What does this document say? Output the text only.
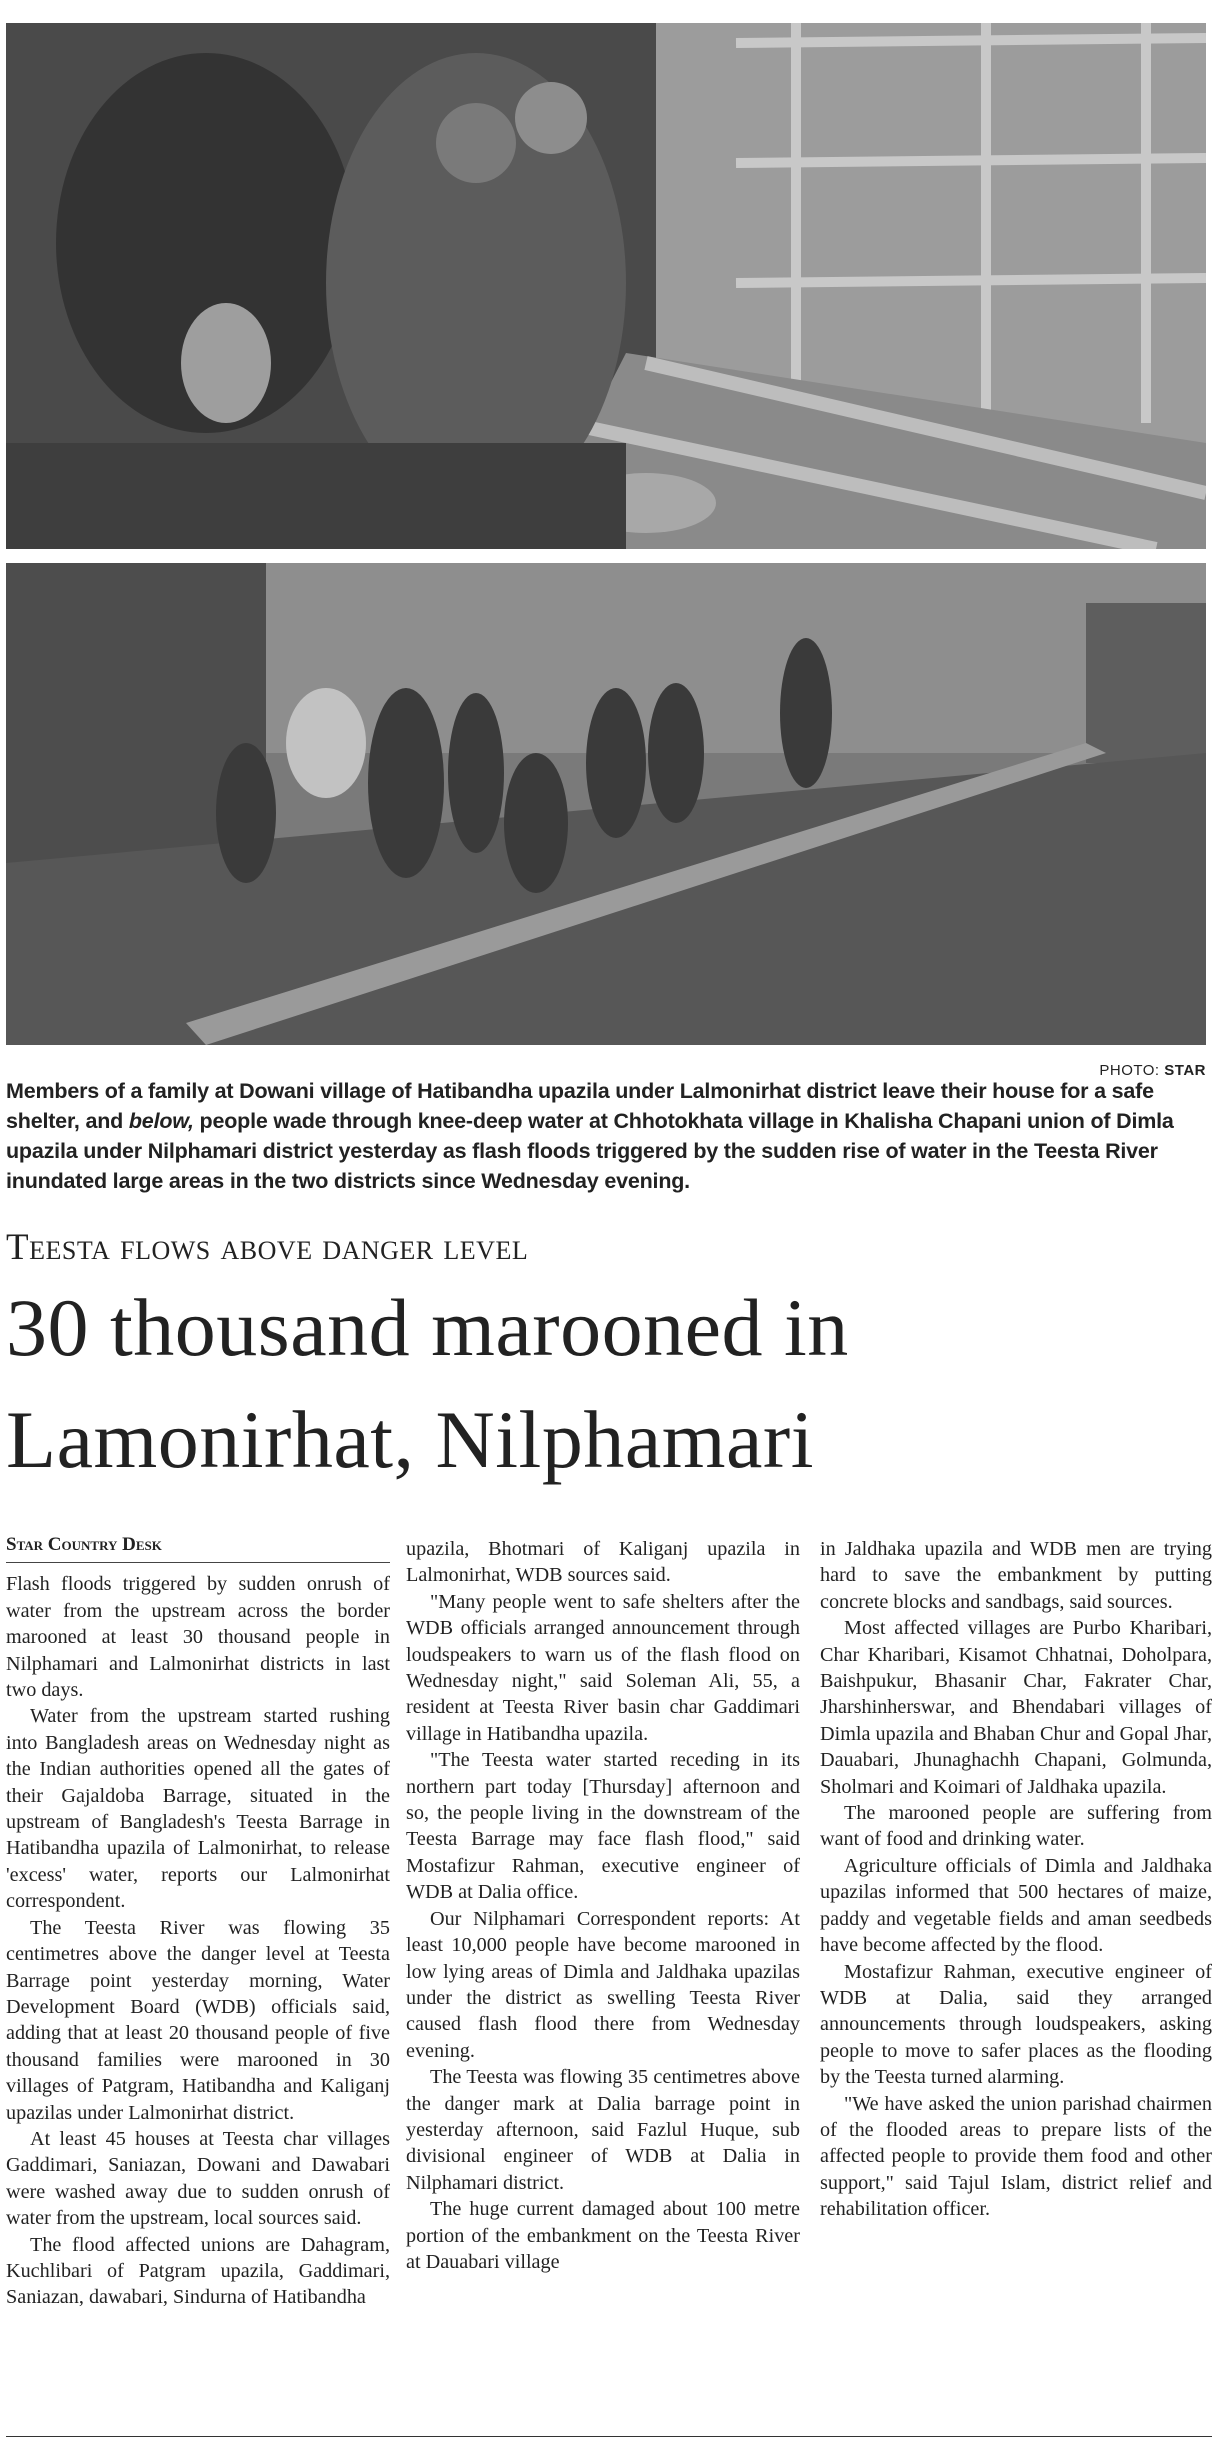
PHOTO: STAR
Members of a family at Dowani village of Hatibandha upazila under Lalmonirhat district leave their house for a safe shelter, and below, people wade through knee-deep water at Chhotokhata village in Khalisha Chapani union of Dimla upazila under Nilphamari district yesterday as flash floods triggered by the sudden rise of water in the Teesta River inundated large areas in the two districts since Wednesday evening.
Teesta flows above danger level
30 thousand marooned in Lamonirhat, Nilphamari
Star Country Desk

Flash floods triggered by sudden onrush of water from the upstream across the border marooned at least 30 thousand people in Nilphamari and Lalmonirhat districts in last two days.

Water from the upstream started rushing into Bangladesh areas on Wednesday night as the Indian authorities opened all the gates of their Gajaldoba Barrage, situated in the upstream of Bangladesh's Teesta Barrage in Hatibandha upazila of Lalmonirhat, to release 'excess' water, reports our Lalmonirhat correspondent.

The Teesta River was flowing 35 centimetres above the danger level at Teesta Barrage point yesterday morning, Water Development Board (WDB) officials said, adding that at least 20 thousand people of five thousand families were marooned in 30 villages of Patgram, Hatibandha and Kaliganj upazilas under Lalmonirhat district.

At least 45 houses at Teesta char villages Gaddimari, Saniazan, Dowani and Dawabari were washed away due to sudden onrush of water from the upstream, local sources said.

The flood affected unions are Dahagram, Kuchlibari of Patgram upazila, Gaddimari, Saniazan, dawabari, Sindurna of Hatibandha

upazila, Bhotmari of Kaliganj upazila in Lalmonirhat, WDB sources said.

"Many people went to safe shelters after the WDB officials arranged announcement through loudspeakers to warn us of the flash flood on Wednesday night," said Soleman Ali, 55, a resident at Teesta River basin char Gaddimari village in Hatibandha upazila.

"The Teesta water started receding in its northern part today [Thursday] afternoon and so, the people living in the downstream of the Teesta Barrage may face flash flood," said Mostafizur Rahman, executive engineer of WDB at Dalia office.

Our Nilphamari Correspondent reports: At least 10,000 people have become marooned in low lying areas of Dimla and Jaldhaka upazilas under the district as swelling Teesta River caused flash flood there from Wednesday evening.

The Teesta was flowing 35 centimetres above the danger mark at Dalia barrage point in yesterday afternoon, said Fazlul Huque, sub divisional engineer of WDB at Dalia in Nilphamari district.

The huge current damaged about 100 metre portion of the embankment on the Teesta River at Dauabari village

in Jaldhaka upazila and WDB men are trying hard to save the embankment by putting concrete blocks and sandbags, said sources.

Most affected villages are Purbo Kharibari, Char Kharibari, Kisamot Chhatnai, Doholpara, Baishpukur, Bhasanir Char, Fakrater Char, Jharshinherswar, and Bhendabari villages of Dimla upazila and Bhaban Chur and Gopal Jhar, Dauabari, Jhunaghachh Chapani, Golmunda, Sholmari and Koimari of Jaldhaka upazila.

The marooned people are suffering from want of food and drinking water.

Agriculture officials of Dimla and Jaldhaka upazilas informed that 500 hectares of maize, paddy and vegetable fields and aman seedbeds have become affected by the flood.

Mostafizur Rahman, executive engineer of WDB at Dalia, said they arranged announcements through loudspeakers, asking people to move to safer places as the flooding by the Teesta turned alarming.

"We have asked the union parishad chairmen of the flooded areas to prepare lists of the affected people to provide them food and other support," said Tajul Islam, district relief and rehabilitation officer.
